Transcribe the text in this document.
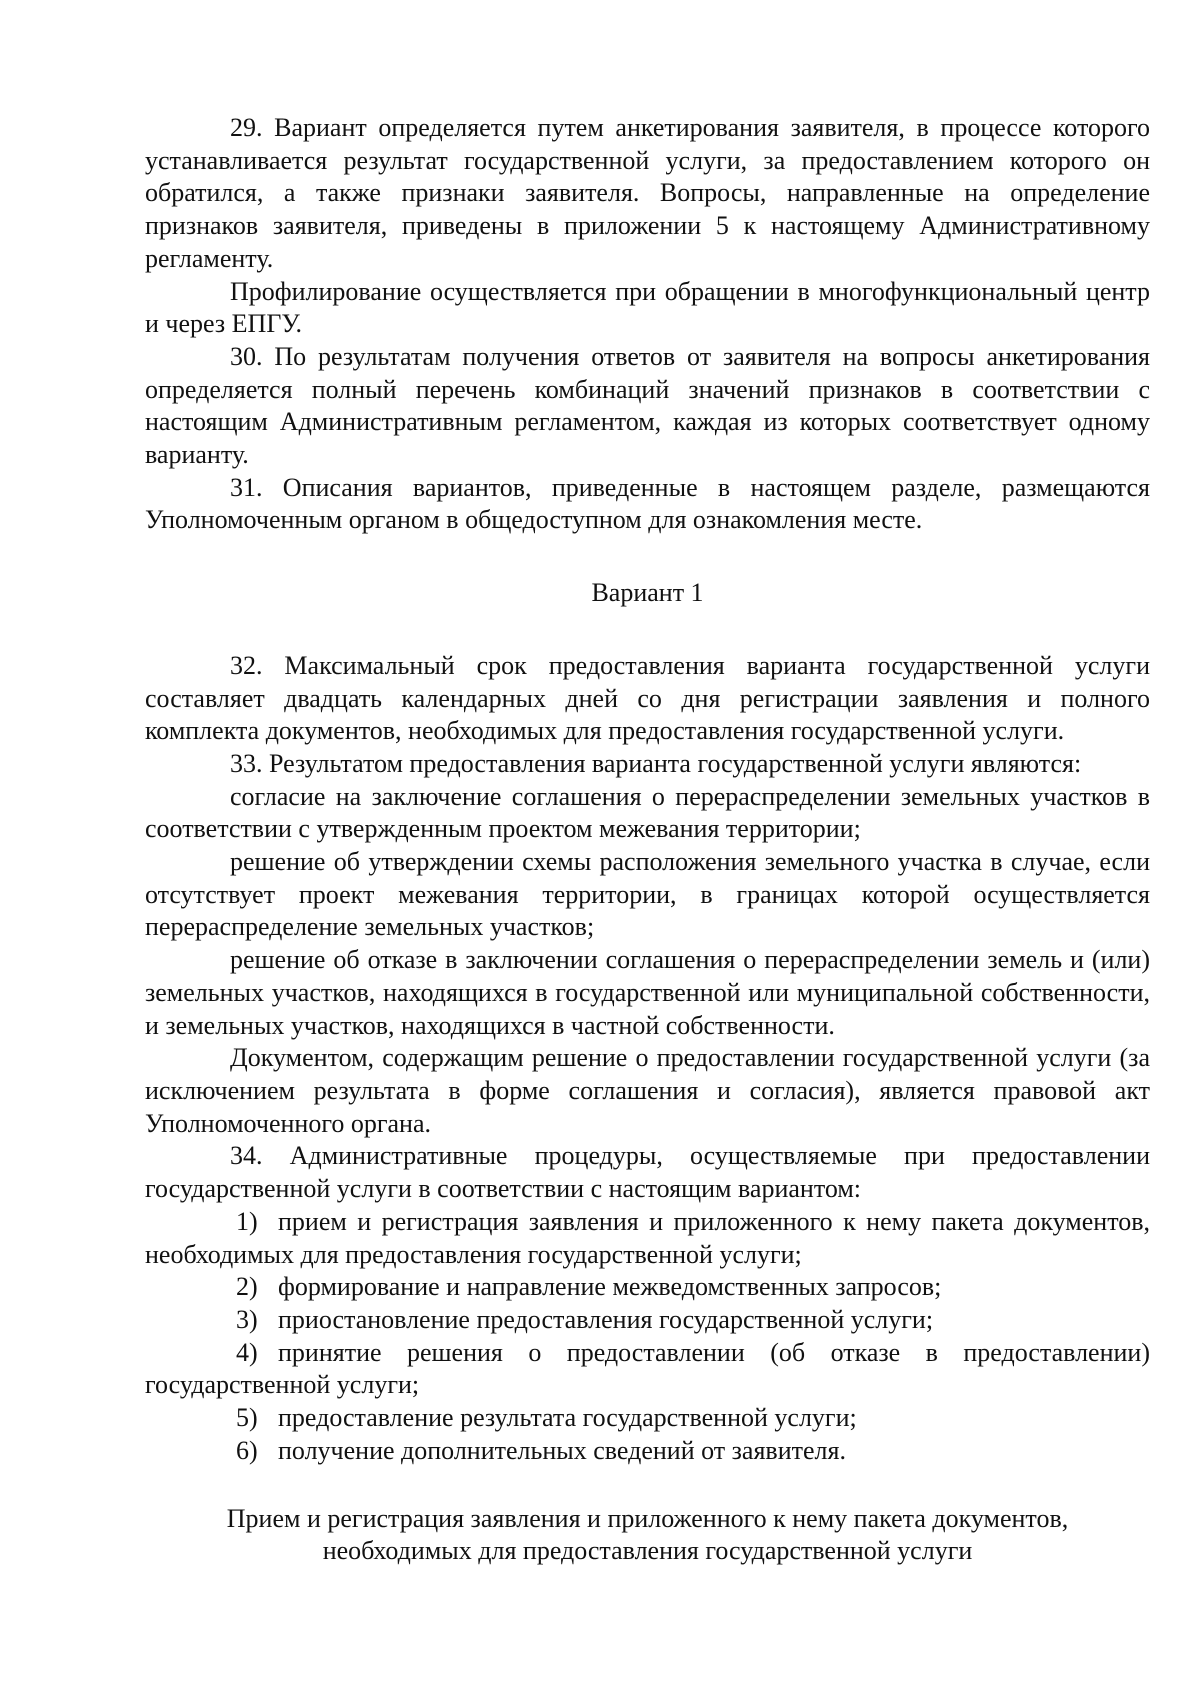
29. Вариант определяется путем анкетирования заявителя, в процессе которого устанавливается результат государственной услуги, за предоставлением которого он обратился, а также признаки заявителя. Вопросы, направленные на определение признаков заявителя, приведены в приложении 5 к настоящему Административному регламенту.

Профилирование осуществляется при обращении в многофункциональный центр и через ЕПГУ.

30. По результатам получения ответов от заявителя на вопросы анкетирования определяется полный перечень комбинаций значений признаков в соответствии с настоящим Административным регламентом, каждая из которых соответствует одному варианту.

31. Описания вариантов, приведенные в настоящем разделе, размещаются Уполномоченным органом в общедоступном для ознакомления месте.

Вариант 1

32. Максимальный срок предоставления варианта государственной услуги составляет двадцать календарных дней со дня регистрации заявления и полного комплекта документов, необходимых для предоставления государственной услуги.

33. Результатом предоставления варианта государственной услуги являются:

согласие на заключение соглашения о перераспределении земельных участков в соответствии с утвержденным проектом межевания территории;

решение об утверждении схемы расположения земельного участка в случае, если отсутствует проект межевания территории, в границах которой осуществляется перераспределение земельных участков;

решение об отказе в заключении соглашения о перераспределении земель и (или) земельных участков, находящихся в государственной или муниципальной собственности, и земельных участков, находящихся в частной собственности.

Документом, содержащим решение о предоставлении государственной услуги (за исключением результата в форме соглашения и согласия), является правовой акт Уполномоченного органа.

34. Административные процедуры, осуществляемые при предоставлении государственной услуги в соответствии с настоящим вариантом:

1) прием и регистрация заявления и приложенного к нему пакета документов, необходимых для предоставления государственной услуги;

2) формирование и направление межведомственных запросов;

3) приостановление предоставления государственной услуги;

4) принятие решения о предоставлении (об отказе в предоставлении) государственной услуги;

5) предоставление результата государственной услуги;

6) получение дополнительных сведений от заявителя.

Прием и регистрация заявления и приложенного к нему пакета документов,
необходимых для предоставления государственной услуги
